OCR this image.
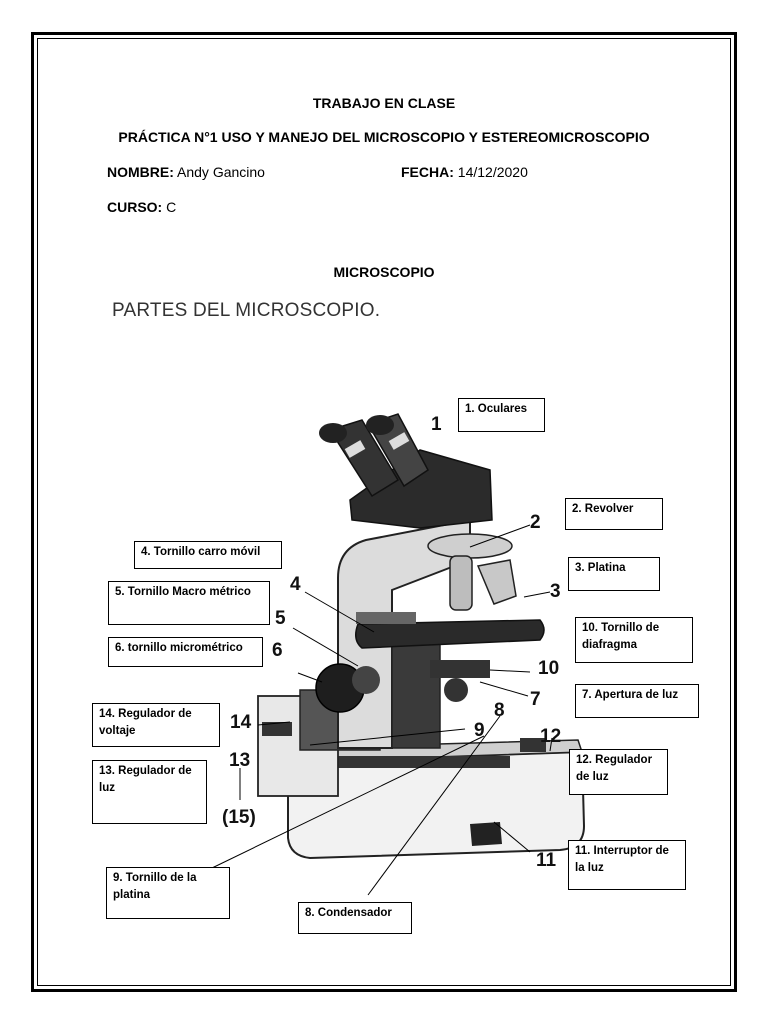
TRABAJO EN CLASE
PRÁCTICA N°1 USO Y MANEJO DEL MICROSCOPIO Y ESTEREOMICROSCOPIO
NOMBRE: Andy Gancino	FECHA: 14/12/2020
CURSO: C
MICROSCOPIO
PARTES DEL MICROSCOPIO.
1
2
3
4
5
6
7
8
9
10
11
12
13
14
(15)
1. Oculares
2. Revolver
3. Platina
4. Tornillo carro móvil
5. Tornillo Macro métrico
6. tornillo micrométrico
10. Tornillo de diafragma
7. Apertura de luz
14. Regulador de voltaje
12. Regulador de luz
13. Regulador de luz
11. Interruptor de la luz
9. Tornillo de la platina
8. Condensador
